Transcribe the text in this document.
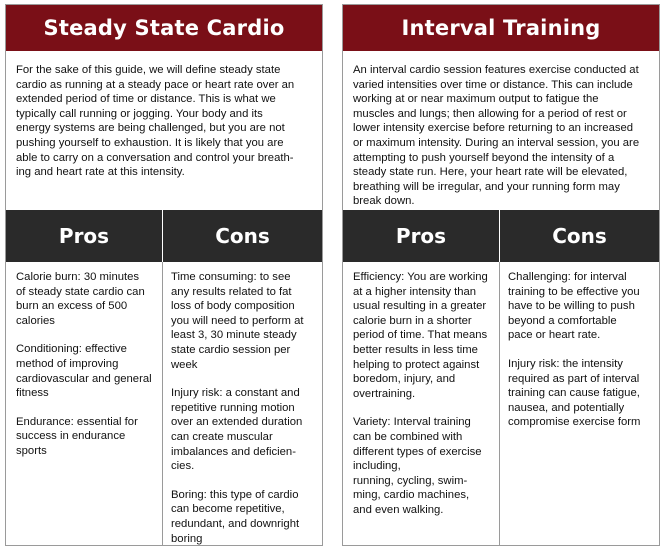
Steady State Cardio

For the sake of this guide, we will define steady state
cardio as running at a steady pace or heart rate over an
extended period of time or distance. This is what we
typically call running or jogging. Your body and its
energy systems are being challenged, but you are not
pushing yourself to exhaustion. It is likely that you are
able to carry on a conversation and control your breath-
ing and heart rate at this intensity.

Pros	Cons

Calorie burn: 30 minutes
of steady state cardio can
burn an excess of 500
calories

Conditioning: effective
method of improving
cardiovascular and general
fitness

Endurance: essential for
success in endurance
sports

Time consuming: to see
any results related to fat
loss of body composition
you will need to perform at
least 3, 30 minute steady
state cardio session per
week

Injury risk: a constant and
repetitive running motion
over an extended duration
can create muscular
imbalances and deficien-
cies.

Boring: this type of cardio
can become repetitive,
redundant, and downright
boring

Interval Training

An interval cardio session features exercise conducted at
varied intensities over time or distance. This can include
working at or near maximum output to fatigue the
muscles and lungs; then allowing for a period of rest or
lower intensity exercise before returning to an increased
or maximum intensity. During an interval session, you are
attempting to push yourself beyond the intensity of a
steady state run. Here, your heart rate will be elevated,
breathing will be irregular, and your running form may
break down.

Pros	Cons

Efficiency: You are working
at a higher intensity than
usual resulting in a greater
calorie burn in a shorter
period of time. That means
better results in less time
helping to protect against
boredom, injury, and
overtraining.

Variety: Interval training
can be combined with
different types of exercise
including,
running, cycling, swim-
ming, cardio machines,
and even walking.

Challenging: for interval
training to be effective you
have to be willing to push
beyond a comfortable
pace or heart rate.

Injury risk: the intensity
required as part of interval
training can cause fatigue,
nausea, and potentially
compromise exercise form
